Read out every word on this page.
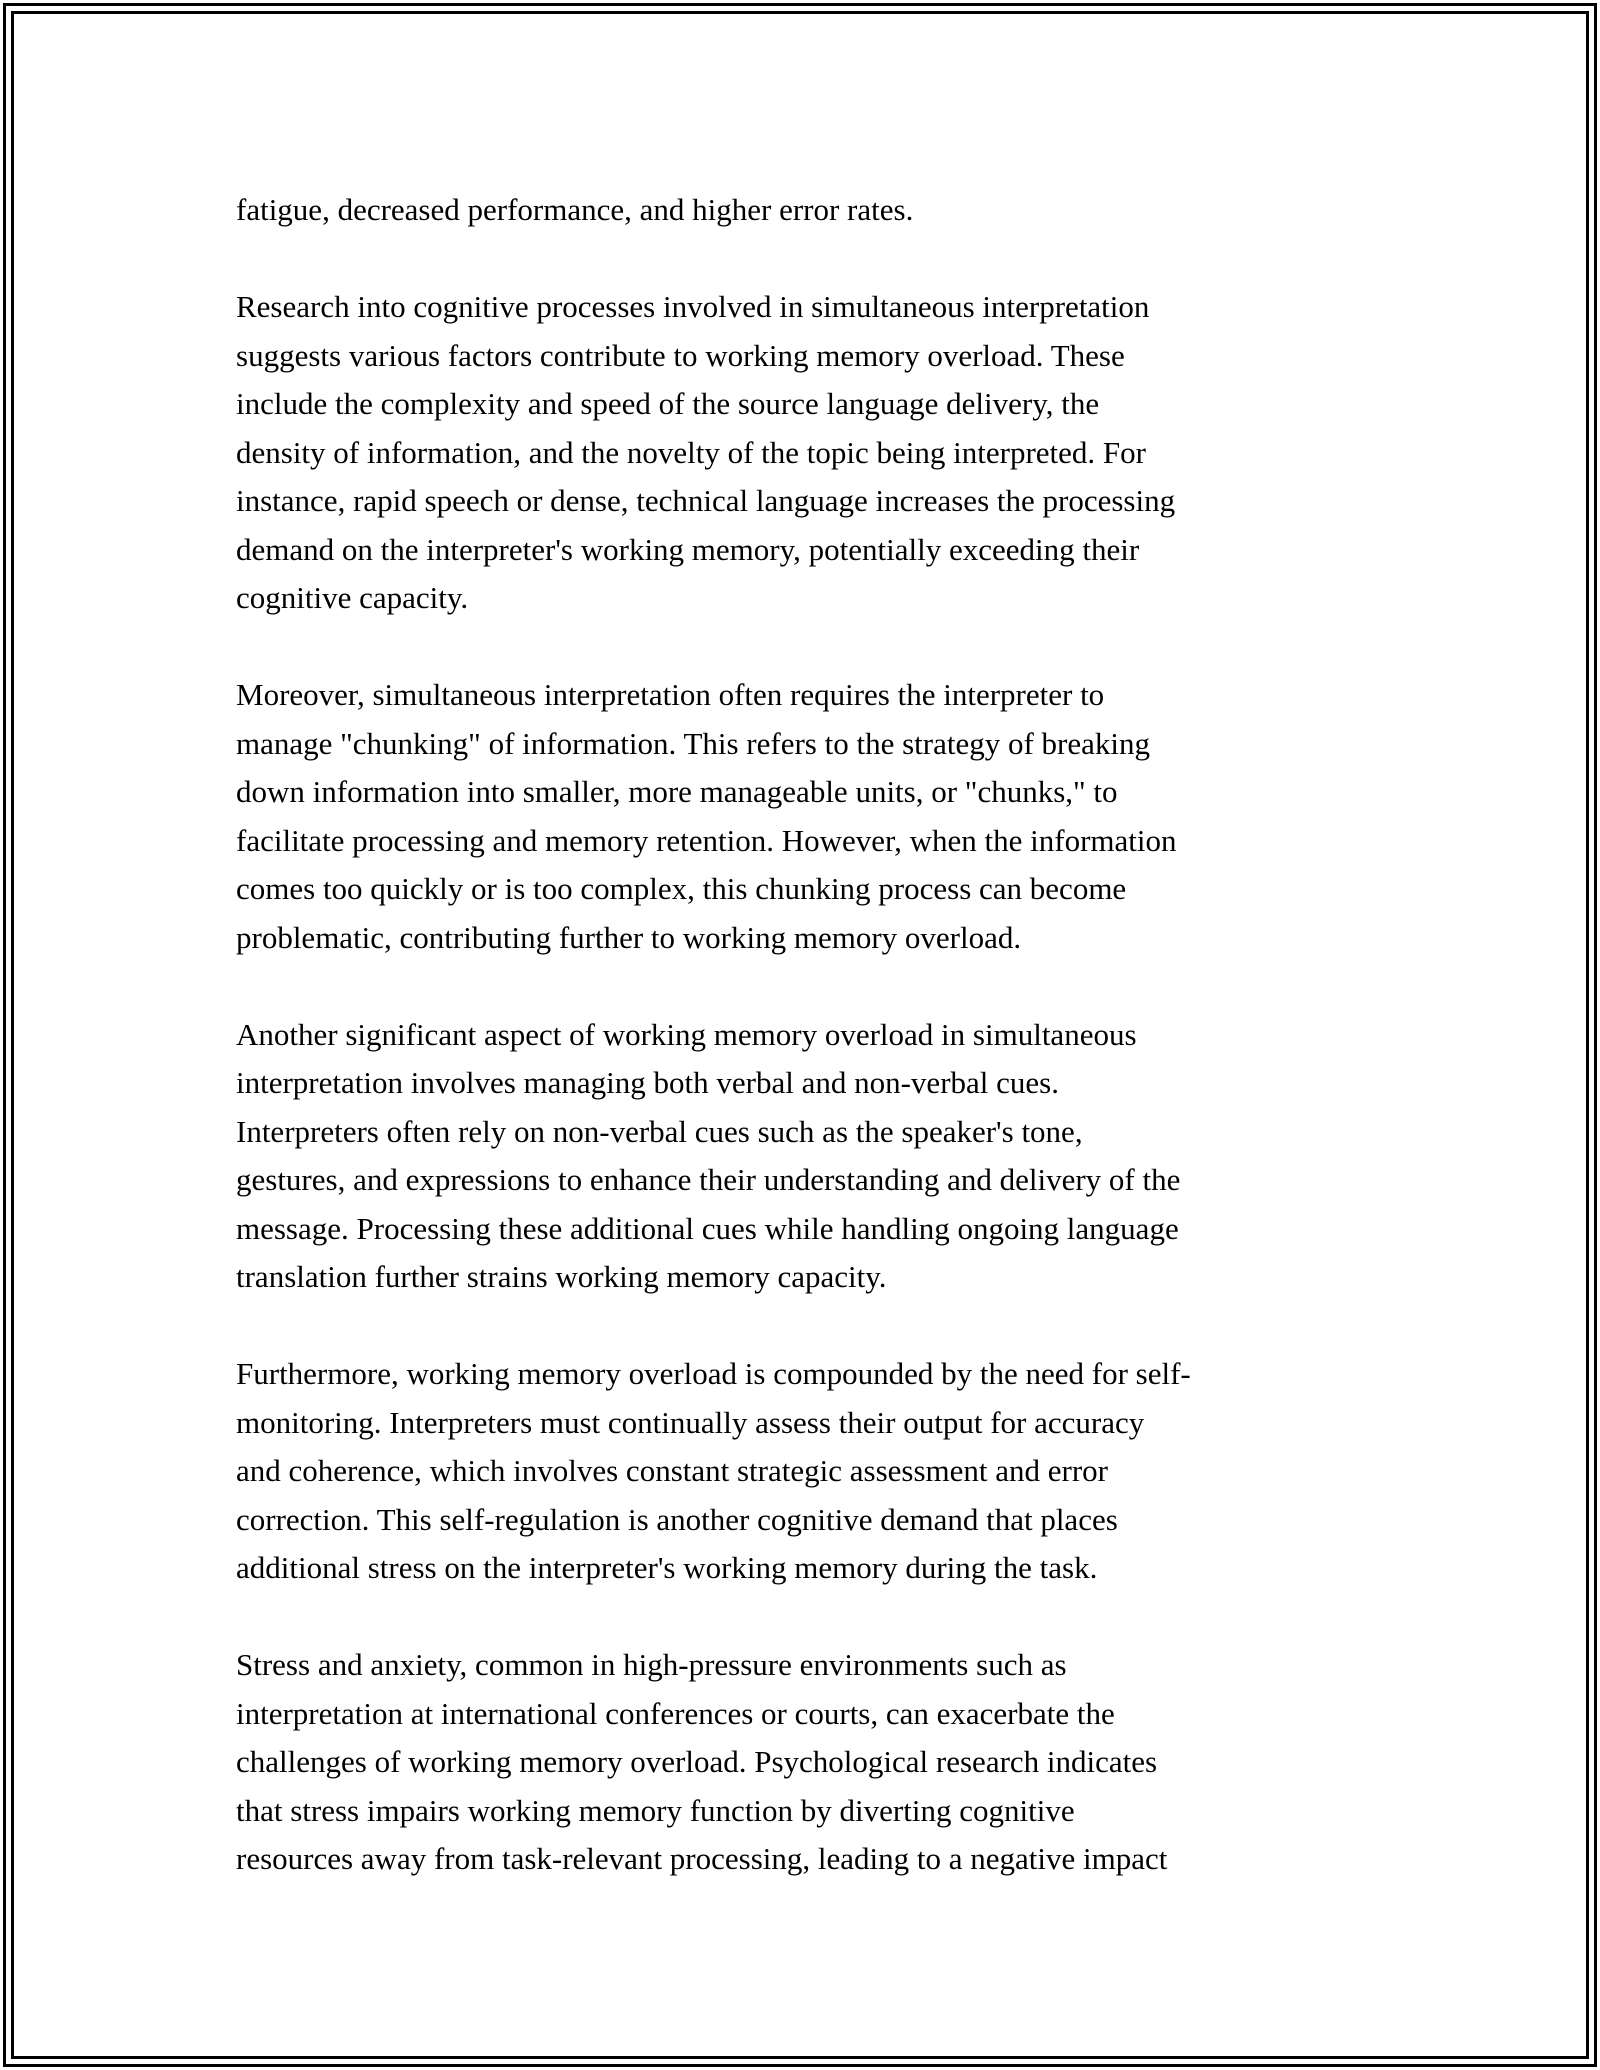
fatigue, decreased performance, and higher error rates.
Research into cognitive processes involved in simultaneous interpretation
suggests various factors contribute to working memory overload. These
include the complexity and speed of the source language delivery, the
density of information, and the novelty of the topic being interpreted. For
instance, rapid speech or dense, technical language increases the processing
demand on the interpreter's working memory, potentially exceeding their
cognitive capacity.
Moreover, simultaneous interpretation often requires the interpreter to
manage "chunking" of information. This refers to the strategy of breaking
down information into smaller, more manageable units, or "chunks," to
facilitate processing and memory retention. However, when the information
comes too quickly or is too complex, this chunking process can become
problematic, contributing further to working memory overload.
Another significant aspect of working memory overload in simultaneous
interpretation involves managing both verbal and non-verbal cues.
Interpreters often rely on non-verbal cues such as the speaker's tone,
gestures, and expressions to enhance their understanding and delivery of the
message. Processing these additional cues while handling ongoing language
translation further strains working memory capacity.
Furthermore, working memory overload is compounded by the need for self-
monitoring. Interpreters must continually assess their output for accuracy
and coherence, which involves constant strategic assessment and error
correction. This self-regulation is another cognitive demand that places
additional stress on the interpreter's working memory during the task.
Stress and anxiety, common in high-pressure environments such as
interpretation at international conferences or courts, can exacerbate the
challenges of working memory overload. Psychological research indicates
that stress impairs working memory function by diverting cognitive
resources away from task-relevant processing, leading to a negative impact
